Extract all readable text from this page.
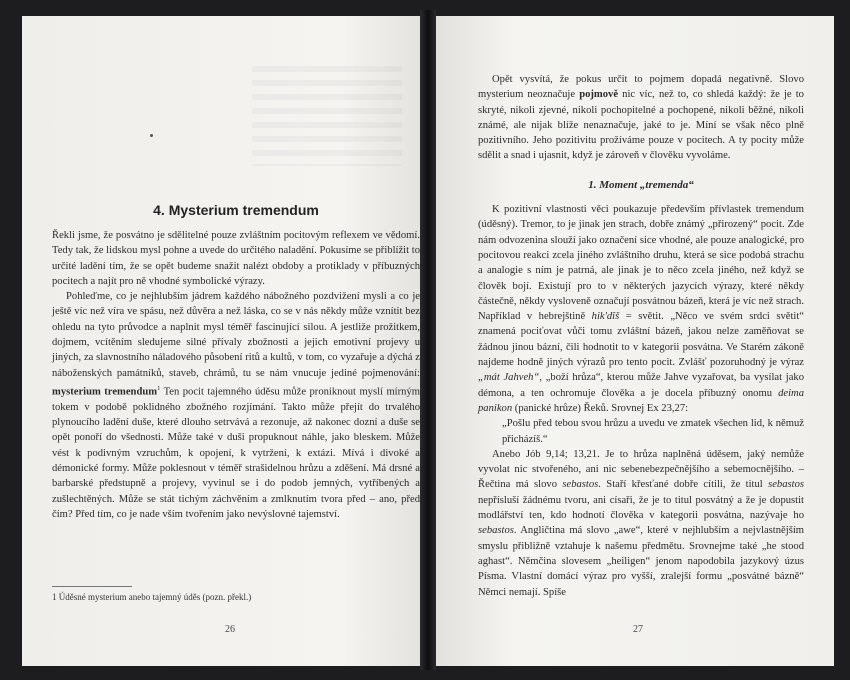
4. Mysterium tremendum

Řekli jsme, že posvátno je sdělitelné pouze zvláštním pocitovým reflexem ve vědomí. Tedy tak, že lidskou mysl pohne a uvede do určitého naladění. Pokusíme se přiblížit to určité ladění tím, že se opět budeme snažit nalézt obdoby a protiklady v příbuzných pocitech a najít pro ně vhodné symbolické výrazy.

Pohleďme, co je nejhlubším jádrem každého nábožného pozdvižení mysli a co je ještě víc než víra ve spásu, než důvěra a než láska, co se v nás někdy může vznítit bez ohledu na tyto průvodce a naplnit mysl téměř fascinující silou. A jestliže prožitkem, dojmem, vcítěním sledujeme silné přívaly zbožnosti a jejich emotivní projevy u jiných, za slavnostního náladového působení ritů a kultů, v tom, co vyzařuje a dýchá z náboženských památníků, staveb, chrámů, tu se nám vnucuje jediné pojmenování: mysterium tremendum$^1$ Ten pocit tajemného úděsu může proniknout myslí mírným tokem v podobě poklidného zbožného rozjímání. Takto může přejít do trvalého plynoucího ladění duše, které dlouho setrvává a rezonuje, až nakonec dozní a duše se opět ponoří do všednosti. Může také v duši propuknout náhle, jako bleskem. Může vést k podivným vzruchům, k opojení, k vytržení, k extázi. Mívá i divoké a démonické formy. Může poklesnout v téměř strašidelnou hrůzu a zděšení. Má drsné a barbarské předstupně a projevy, vyvinul se i do podob jemných, vytříbených a zušlechtěných. Může se stát tichým záchvěním a zmlknutím tvora před – ano, před čím? Před tím, co je nade vším tvořením jako nevýslovné tajemství.

1 Úděsné mysterium anebo tajemný úděs (pozn. překl.)
26

Opět vysvítá, že pokus určit to pojmem dopadá negativně. Slovo mysterium neoznačuje pojmově nic víc, než to, co shledá každý: že je to skryté, nikoli zjevné, nikoli pochopitelné a pochopené, nikoli běžné, nikoli známé, ale nijak blíže nenaznačuje, jaké to je. Míní se však něco plně pozitivního. Jeho pozitivitu prožíváme pouze v pocitech. A ty pocity může sdělit a snad i ujasnit, když je zároveň v člověku vyvoláme.

1. Moment „tremenda“

K pozitivní vlastnosti věci poukazuje především přívlastek tremendum (úděsný). Tremor, to je jinak jen strach, dobře známý „přirozený“ pocit. Zde nám odvozenina slouží jako označení sice vhodné, ale pouze analogické, pro pocitovou reakci zcela jiného zvláštního druhu, která se sice podobá strachu a analogie s ním je patrná, ale jinak je to něco zcela jiného, než když se člověk bojí. Existují pro to v některých jazycích výrazy, které někdy částečně, někdy vysloveně označují posvátnou bázeň, která je víc než strach. Například v hebrejštině hik'dîš = světit. „Něco ve svém srdci světit“ znamená pociťovat vůči tomu zvláštní bázeň, jakou nelze zaměňovat se žádnou jinou bázní, čili hodnotit to v kategorii posvátna. Ve Starém zákoně najdeme hodně jiných výrazů pro tento pocit. Zvlášť pozoruhodný je výraz „mát Jahveh“, „boží hrůza“, kterou může Jahve vyzařovat, ba vysílat jako démona, a ten ochromuje člověka a je docela příbuzný onomu deima panikon (panické hrůze) Řeků. Srovnej Ex 23,27:

„Pošlu před tebou svou hrůzu a uvedu ve zmatek všechen lid, k němuž přicházíš.“

Anebo Jób 9,14; 13,21. Je to hrůza naplněná úděsem, jaký nemůže vyvolat nic stvořeného, ani nic sebenebezpečnějšího a sebemocnějšího. – Řečtina má slovo sebastos. Staří křesťané dobře cítili, že titul sebastos nepřísluší žádnému tvoru, ani císaři, že je to titul posvátný a že je dopustit modlářství ten, kdo hodnotí člověka v kategorii posvátna, nazývaje ho sebastos. Angličtina má slovo „awe“, které v nejhlubším a nejvlastnějším smyslu přibližně vztahuje k našemu předmětu. Srovnejme také „he stood aghast“. Němčina slovesem „heiligen“ jenom napodobila jazykový úzus Písma. Vlastní domácí výraz pro vyšší, zralejší formu „posvátné bázně“ Němci nemají. Spíše

27
